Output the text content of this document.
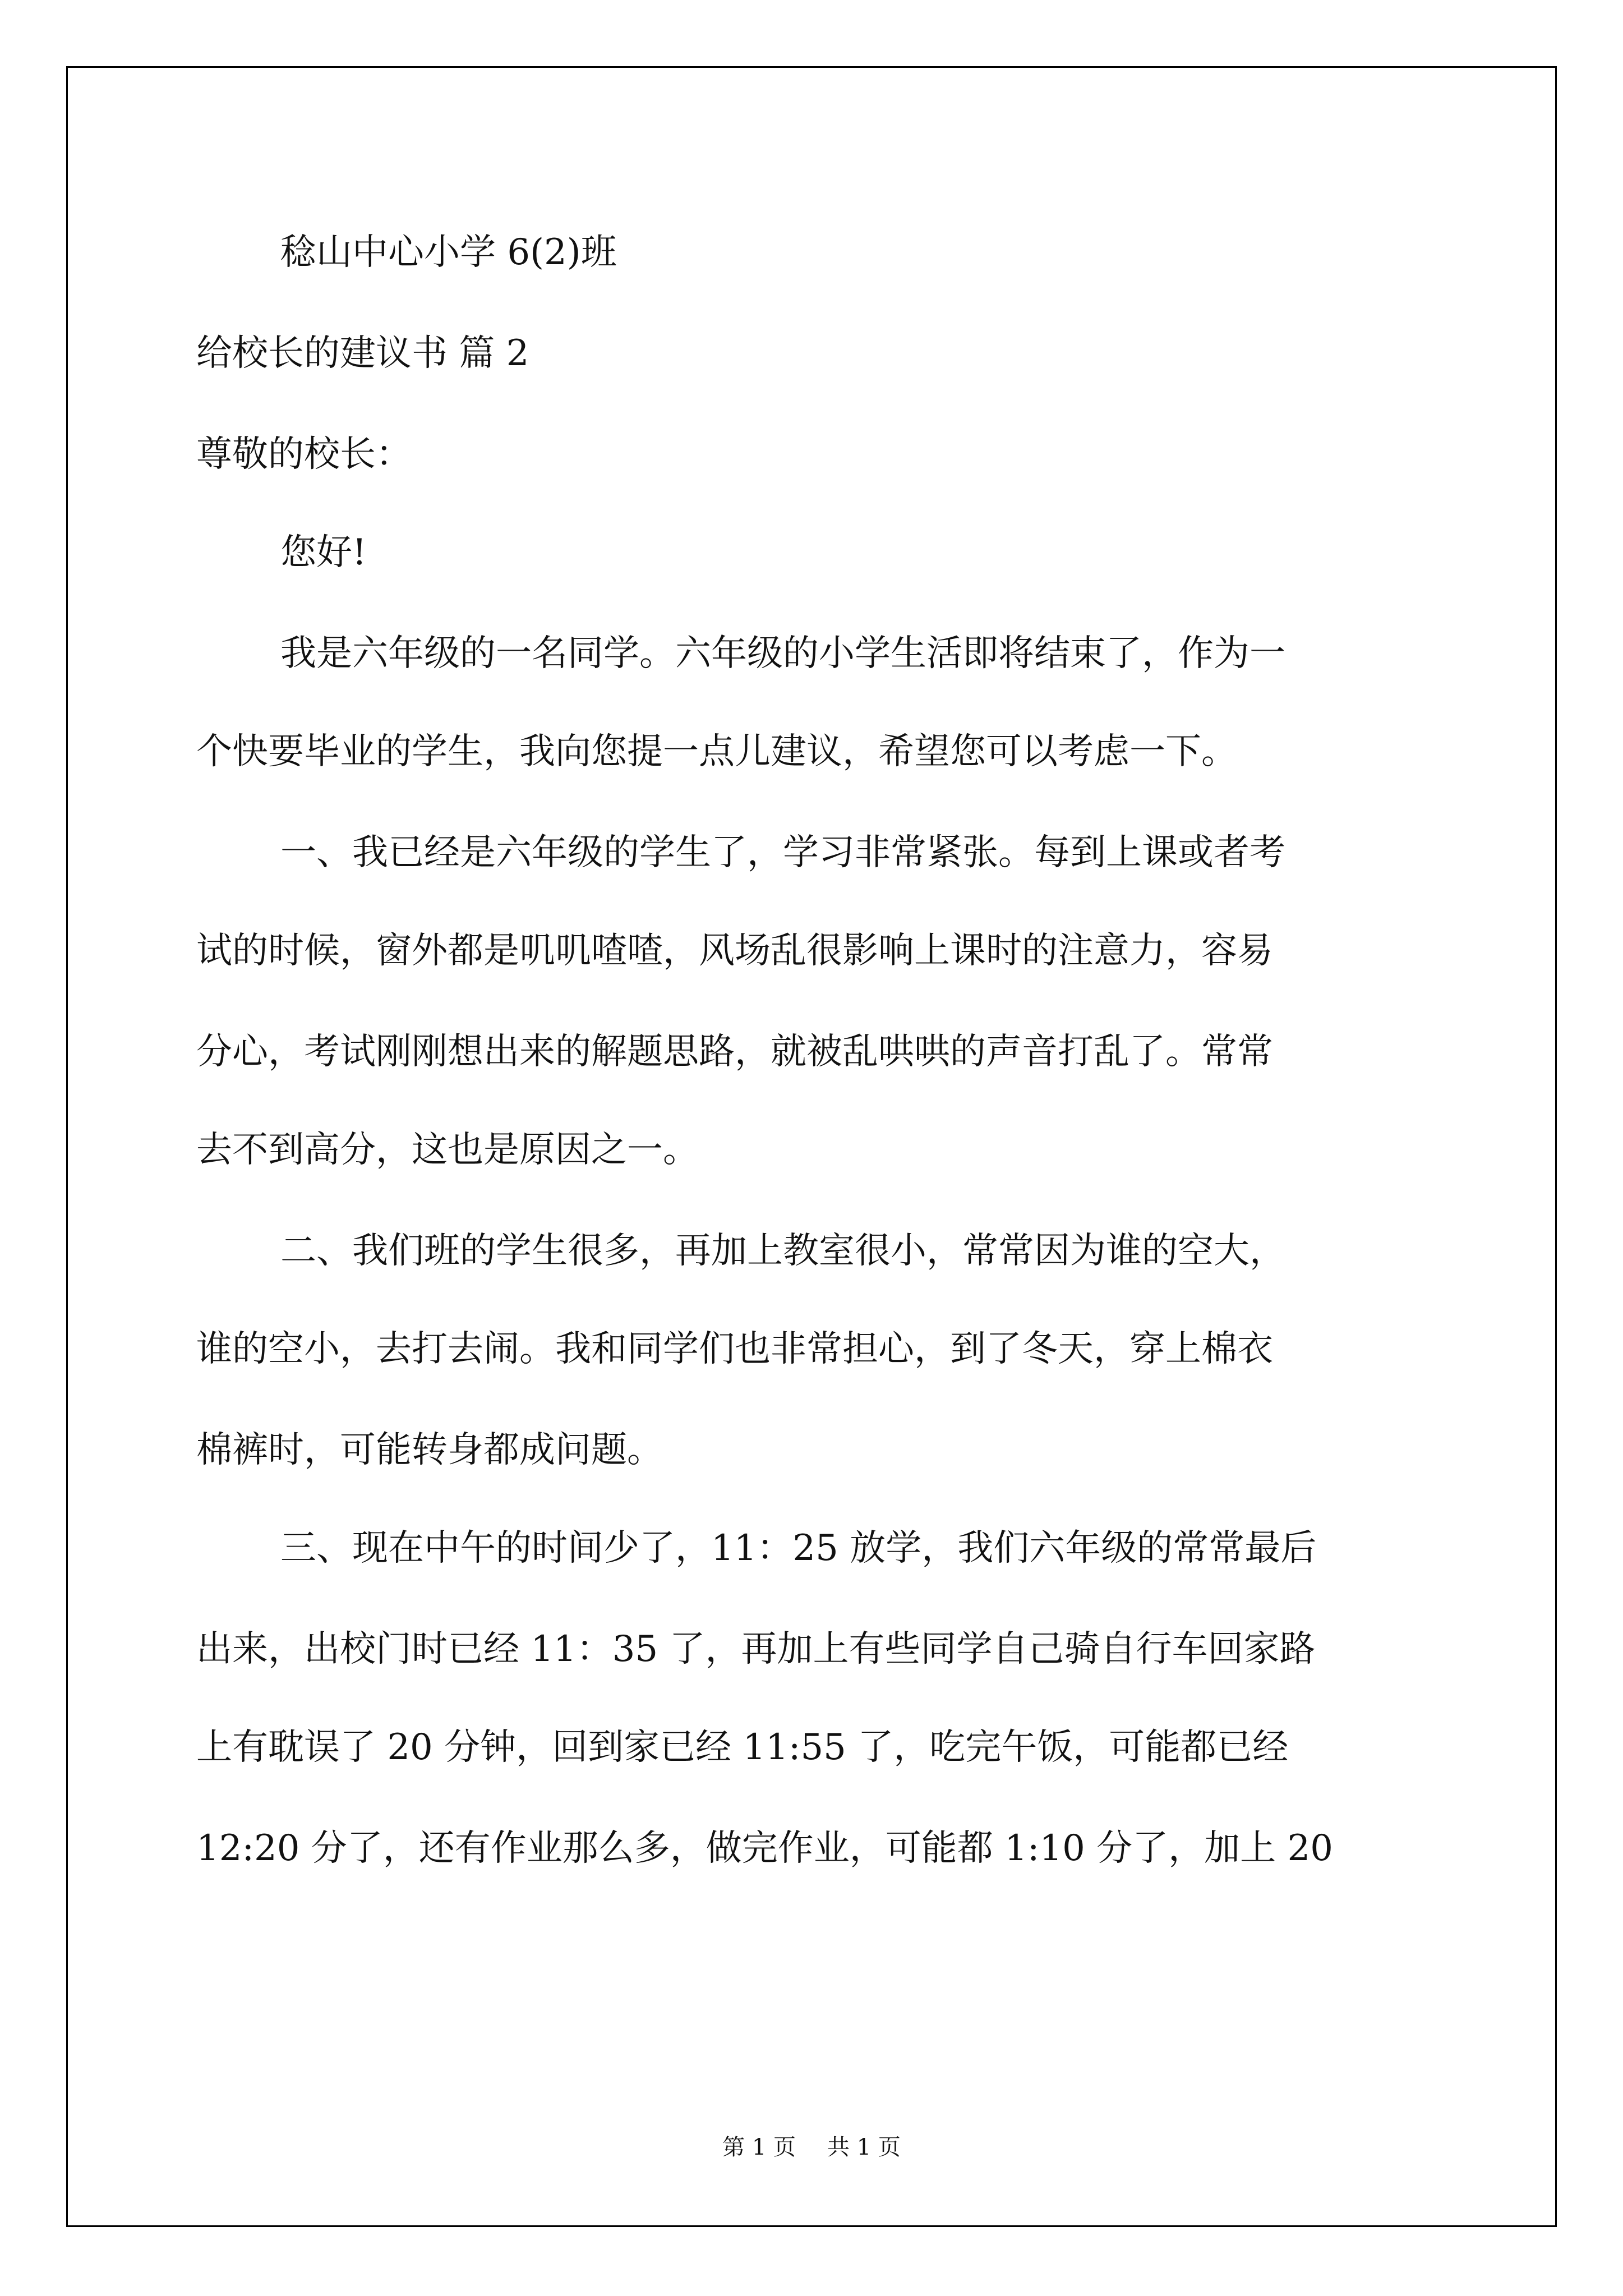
稔山中心小学 6(2)班

给校长的建议书 篇 2

尊敬的校长：

您好!

我是六年级的一名同学。六年级的小学生活即将结束了，作为一

个快要毕业的学生，我向您提一点儿建议，希望您可以考虑一下。

一、我已经是六年级的学生了，学习非常紧张。每到上课或者考

试的时候，窗外都是叽叽喳喳，风场乱很影响上课时的注意力，容易

分心，考试刚刚想出来的解题思路，就被乱哄哄的声音打乱了。常常

去不到高分，这也是原因之一。

二、我们班的学生很多，再加上教室很小，常常因为谁的空大，

谁的空小，去打去闹。我和同学们也非常担心，到了冬天，穿上棉衣

棉裤时，可能转身都成问题。

三、现在中午的时间少了，11：25 放学，我们六年级的常常最后

出来，出校门时已经 11：35 了，再加上有些同学自己骑自行车回家路

上有耽误了 20 分钟，回到家已经 11:55 了，吃完午饭，可能都已经

12:20 分了，还有作业那么多，做完作业，可能都 1:10 分了，加上 20

第 1 页 共 1 页
